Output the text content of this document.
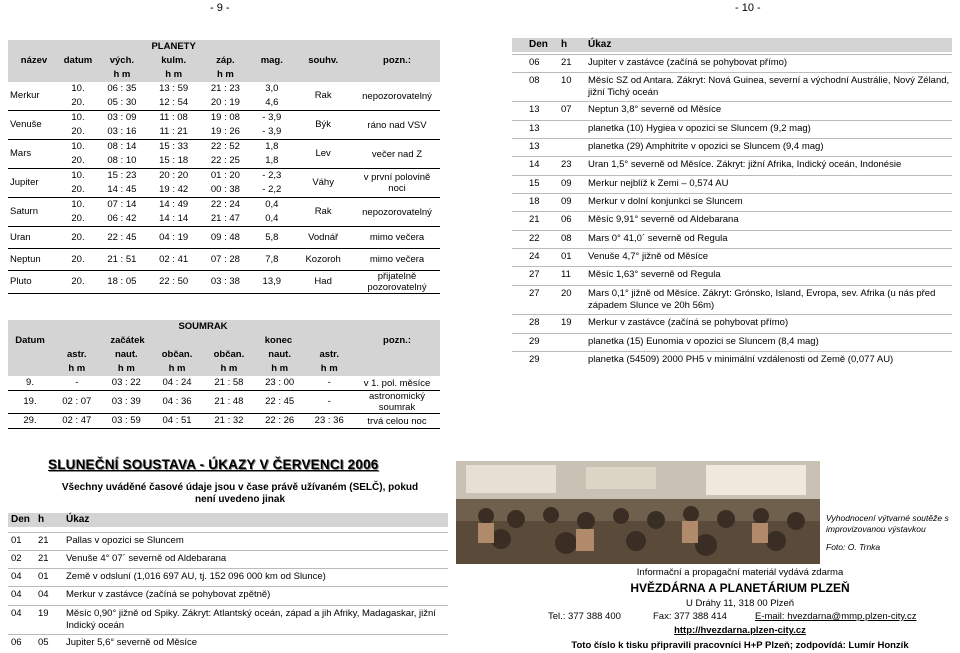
- 9 -	- 10 -
název	datum	PLANETY			mag.	souhv.	pozn.:
		vých.	kulm.	záp.			
		h m	h m	h m			
Merkur	10.	06 : 35	13 : 59	21 : 23	3,0	Rak	nepozorovatelný
	20.	05 : 30	12 : 54	20 : 19	4,6		
Venuše	10.	03 : 09	11 : 08	19 : 08	- 3,9	Býk	ráno nad VSV
	20.	03 : 16	11 : 21	19 : 26	- 3,9		
Mars	10.	08 : 14	15 : 33	22 : 52	1,8	Lev	večer nad Z
	20.	08 : 10	15 : 18	22 : 25	1,8		
Jupiter	10.	15 : 23	20 : 20	01 : 20	- 2,3	Váhy	v první polovině noci
	20.	14 : 45	19 : 42	00 : 38	- 2,2		
Saturn	10.	07 : 14	14 : 49	22 : 24	0,4	Rak	nepozorovatelný
	20.	06 : 42	14 : 14	21 : 47	0,4		
Uran	20.	22 : 45	04 : 19	09 : 48	5,8	Vodnář	mimo večera
Neptun	20.	21 : 51	02 : 41	07 : 28	7,8	Kozoroh	mimo večera
Pluto	20.	18 : 05	22 : 50	03 : 38	13,9	Had	přijatelně pozorovatelný
Datum	SOUMRAK						pozn.:
	začátek			konec			
	astr.	naut.	občan.	občan.	naut.	astr.	
	h m	h m	h m	h m	h m	h m	
9.	-	03 : 22	04 : 24	21 : 58	23 : 00	-	v 1. pol. měsíce
19.	02 : 07	03 : 39	04 : 36	21 : 48	22 : 45	-	astronomický soumrak
29.	02 : 47	03 : 59	04 : 51	21 : 32	22 : 26	23 : 36	trvá celou noc
Den h Úkaz
06 21 Jupiter v zastávce (začíná se pohybovat přímo)
08 10 Měsíc SZ od Antara. Zákryt: Nová Guinea, severní a východní Austrálie, Nový Zéland, jižní Tichý oceán
13 07 Neptun 3,8° severně od Měsíce
13	planetka (10) Hygiea v opozici se Sluncem (9,2 mag)
13	planetka (29) Amphitrite v opozici se Sluncem (9,4 mag)
14 23 Uran 1,5° severně od Měsíce. Zákryt: jižní Afrika, Indický oceán, Indonésie
15 09 Merkur nejblíž k Zemi – 0,574 AU
18 09 Merkur v dolní konjunkci se Sluncem
21 06 Měsíc 9,91° severně od Aldebarana
22 08 Mars 0° 41,0´ severně od Regula
24 01 Venuše 4,7° jižně od Měsíce
27 11 Měsíc 1,63° severně od Regula
27 20 Mars 0,1° jižně od Měsíce. Zákryt: Grónsko, Island, Evropa, sev. Afrika (u nás před západem Slunce ve 20h 56m)
28 19 Merkur v zastávce (začíná se pohybovat přímo)
29	planetka (15) Eunomia v opozici se Sluncem (8,4 mag)
29	planetka (54509) 2000 PH5 v minimální vzdálenosti od Země (0,077 AU)
SLUNEČNÍ SOUSTAVA - ÚKAZY V ČERVENCI 2006
Všechny uváděné časové údaje jsou v čase právě užívaném (SELČ), pokud není uvedeno jinak
Den h Úkaz
01 21 Pallas v opozici se Sluncem
02 21 Venuše 4° 07´ severně od Aldebarana
04 01 Země v odsluní (1,016 697 AU, tj. 152 096 000 km od Slunce)
04 04 Merkur v zastávce (začíná se pohybovat zpětně)
04 19 Měsíc 0,90° jižně od Spiky. Zákryt: Atlantský oceán, západ a jih Afriky, Madagaskar, jižní Indický oceán
06 05 Jupiter 5,6° severně od Měsíce
Vyhodnocení výtvarné soutěže s improvizovanou výstavkou
Foto: O. Trnka
Informační a propagační materiál vydává zdarma
HVĚZDÁRNA A PLANETÁRIUM PLZEŇ
U Dráhy 11, 318 00 Plzeň
Tel.: 377 388 400	Fax: 377 388 414	E-mail: hvezdarna@mmp.plzen-city.cz
http://hvezdarna.plzen-city.cz
Toto číslo k tisku připravili pracovníci H+P Plzeň; zodpovídá: Lumír Honzík
